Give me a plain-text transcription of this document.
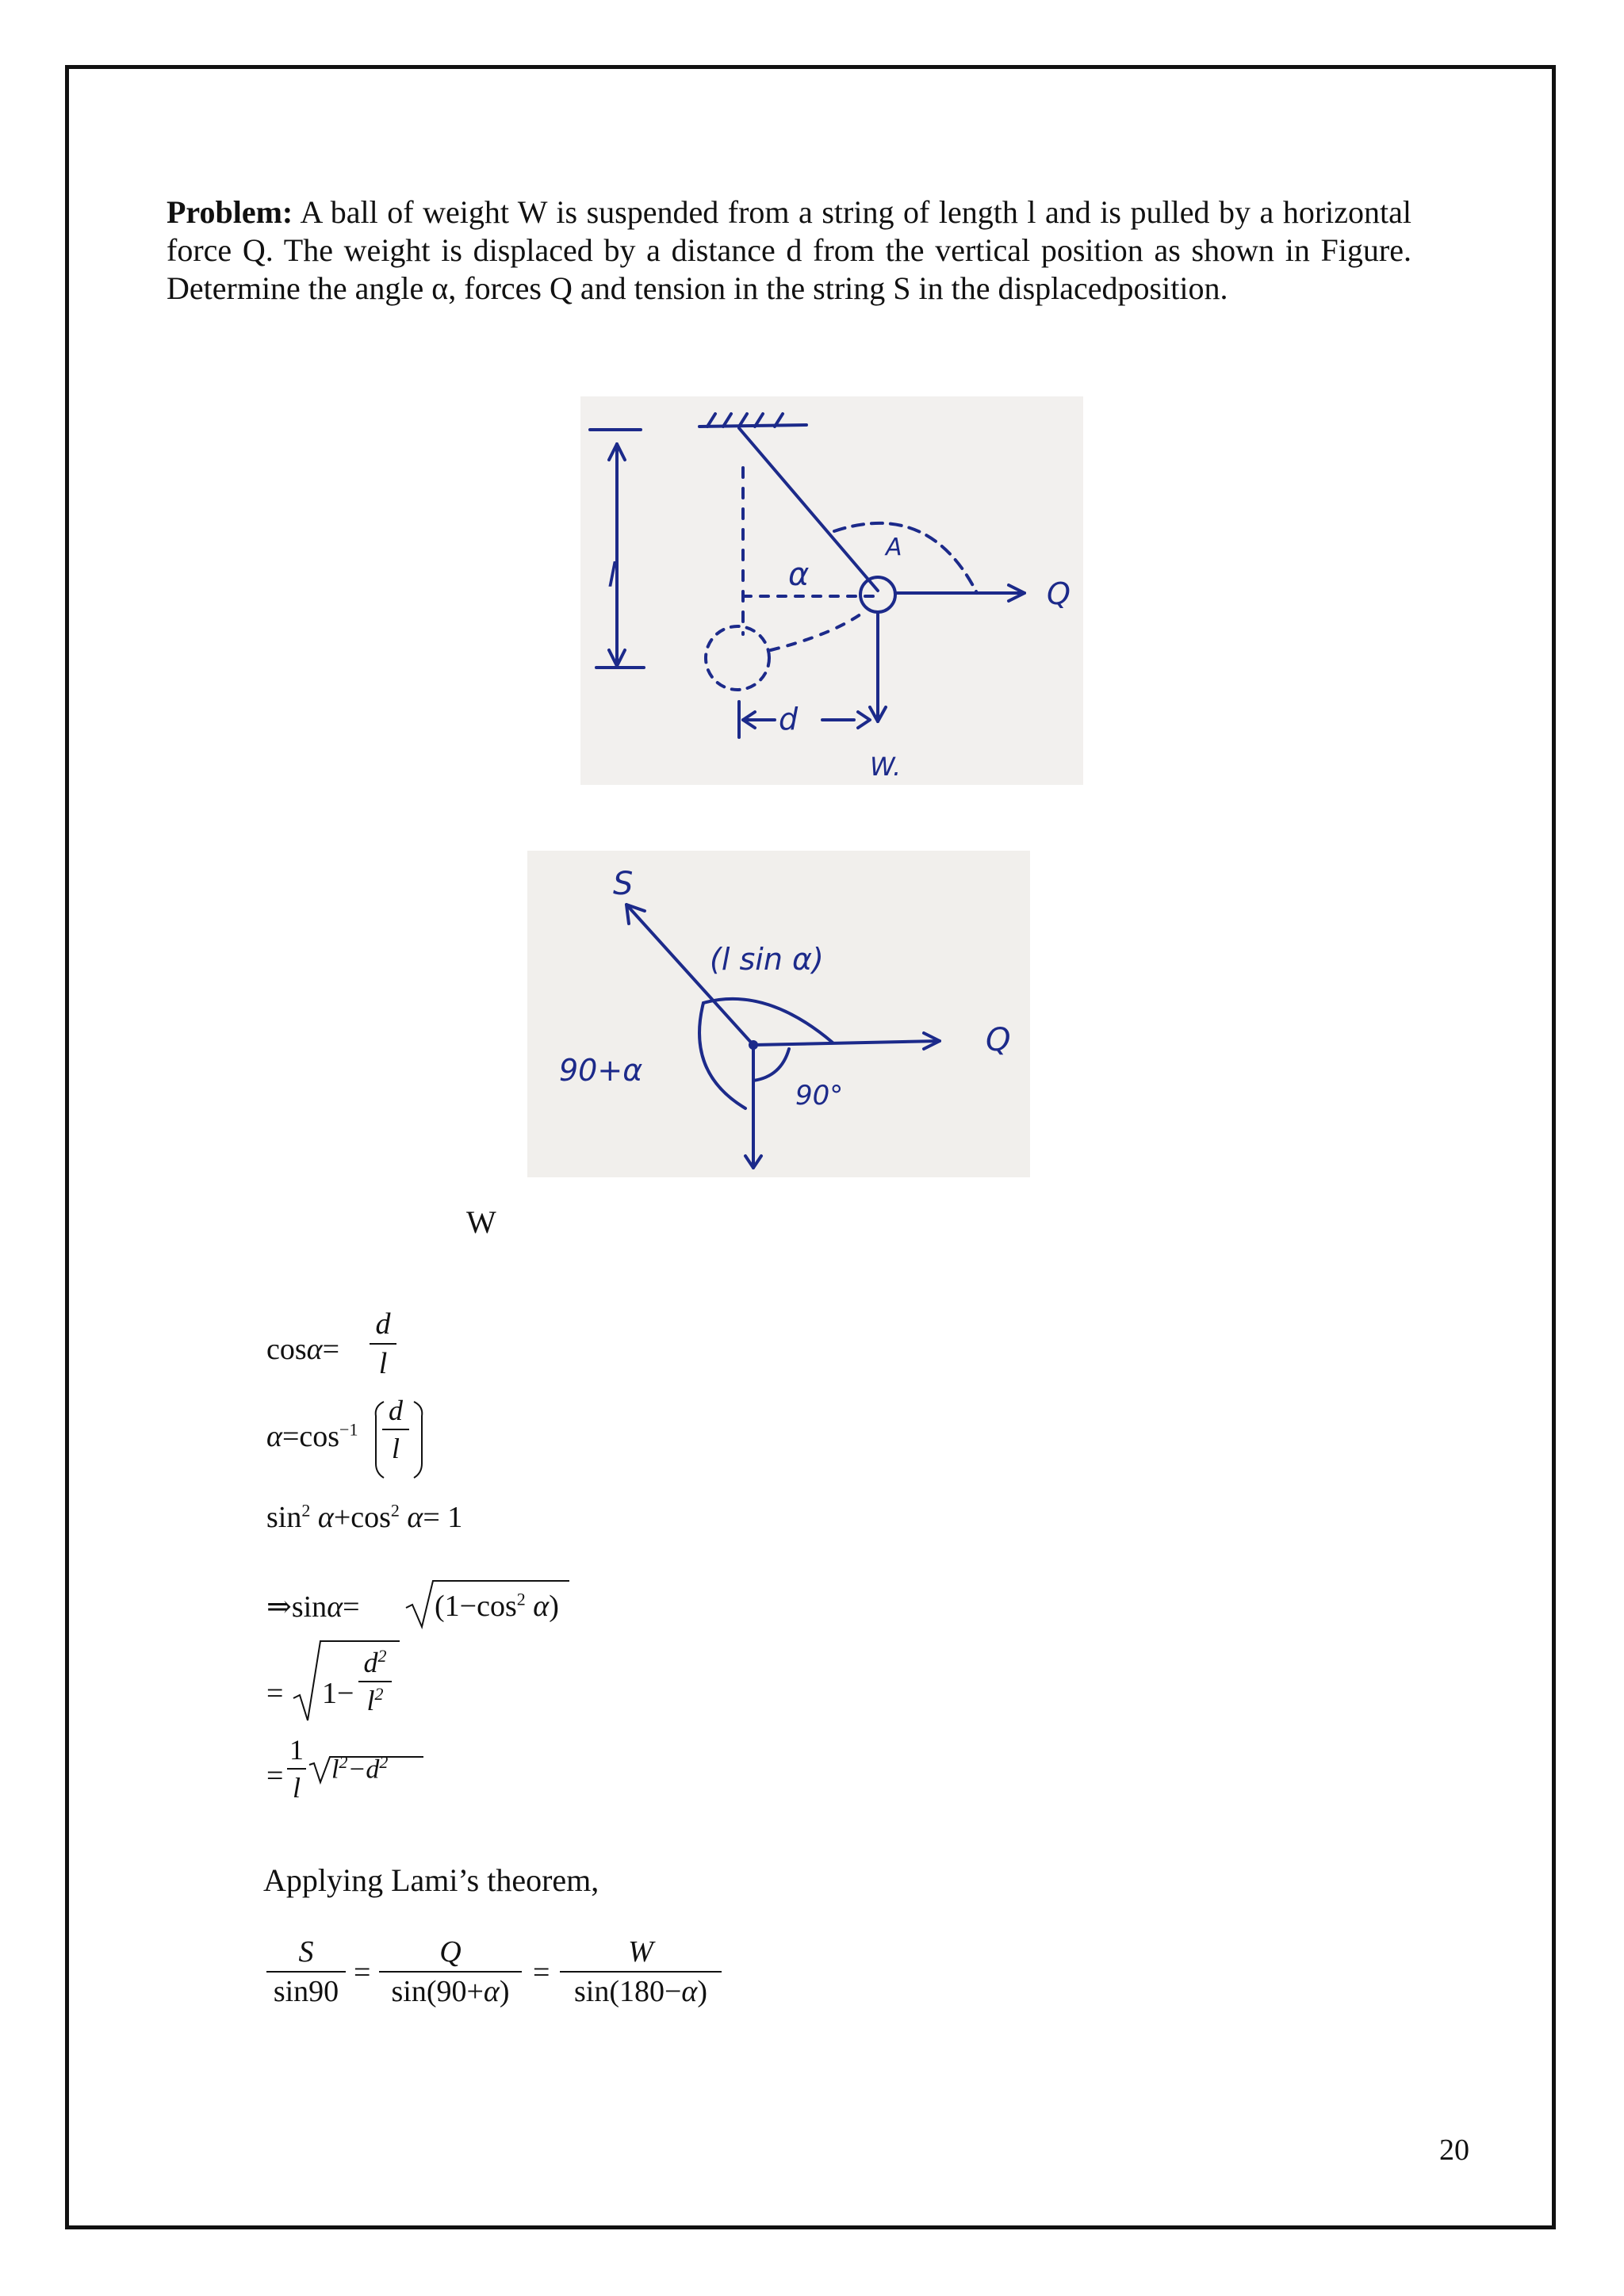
Problem: A ball of weight W is suspended from a string of length l and is pulled by a horizontal force Q. The weight is displaced by a distance d from the vertical position as shown in Figure. Determine the angle α, forces Q and tension in the string S in the displacedposition.
l	α
A
Q
W.
d
S
(l sin α)
Q
90+α
90°
W
cosα=
d
l
$\alpha=\cos^{-1}$
d
l
$\sin^2 \alpha+\cos^2$ α= 1
⇒sinα= ($1-\cos^2$ α)
= 1−
$d^2$
$l^2$
=
1
l
$l^2-d^2$
Applying Lami’s theorem,
S
sin90
=
Q
sin(90+α)
=
W
sin(180−α)
20
